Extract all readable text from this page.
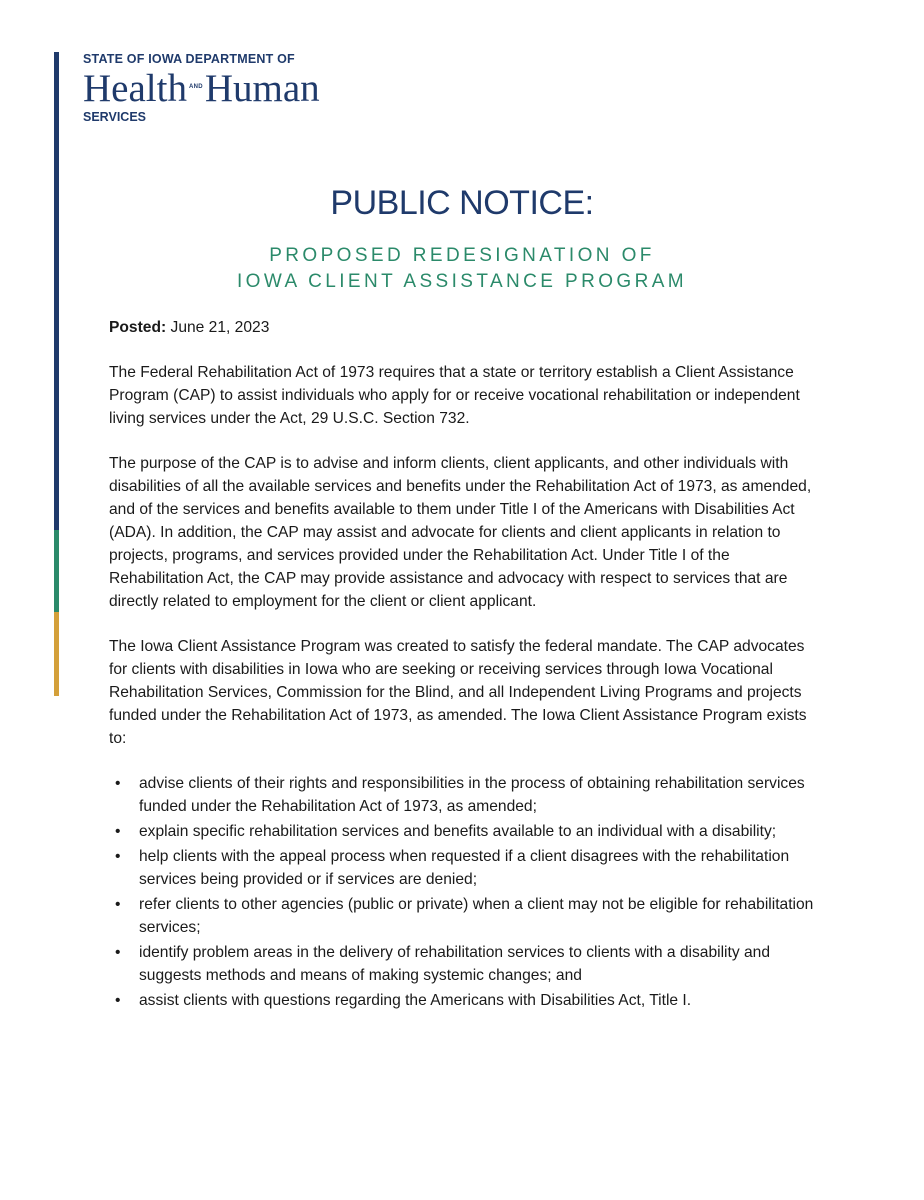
STATE OF IOWA DEPARTMENT OF
Health $^{AND}$Human
SERVICES
PUBLIC NOTICE:
PROPOSED REDESIGNATION OF
IOWA CLIENT ASSISTANCE PROGRAM

Posted: June 21, 2023

The Federal Rehabilitation Act of 1973 requires that a state or territory establish a Client Assistance Program (CAP) to assist individuals who apply for or receive vocational rehabilitation or independent living services under the Act, 29 U.S.C. Section 732.

The purpose of the CAP is to advise and inform clients, client applicants, and other individuals with disabilities of all the available services and benefits under the Rehabilitation Act of 1973, as amended, and of the services and benefits available to them under Title I of the Americans with Disabilities Act (ADA). In addition, the CAP may assist and advocate for clients and client applicants in relation to projects, programs, and services provided under the Rehabilitation Act. Under Title I of the Rehabilitation Act, the CAP may provide assistance and advocacy with respect to services that are directly related to employment for the client or client applicant.

The Iowa Client Assistance Program was created to satisfy the federal mandate. The CAP advocates for clients with disabilities in Iowa who are seeking or receiving services through Iowa Vocational Rehabilitation Services, Commission for the Blind, and all Independent Living Programs and projects funded under the Rehabilitation Act of 1973, as amended. The Iowa Client Assistance Program exists to:

• advise clients of their rights and responsibilities in the process of obtaining rehabilitation services funded under the Rehabilitation Act of 1973, as amended;
• explain specific rehabilitation services and benefits available to an individual with a disability;
• help clients with the appeal process when requested if a client disagrees with the rehabilitation services being provided or if services are denied;
• refer clients to other agencies (public or private) when a client may not be eligible for rehabilitation services;
• identify problem areas in the delivery of rehabilitation services to clients with a disability and suggests methods and means of making systemic changes; and
• assist clients with questions regarding the Americans with Disabilities Act, Title I.
